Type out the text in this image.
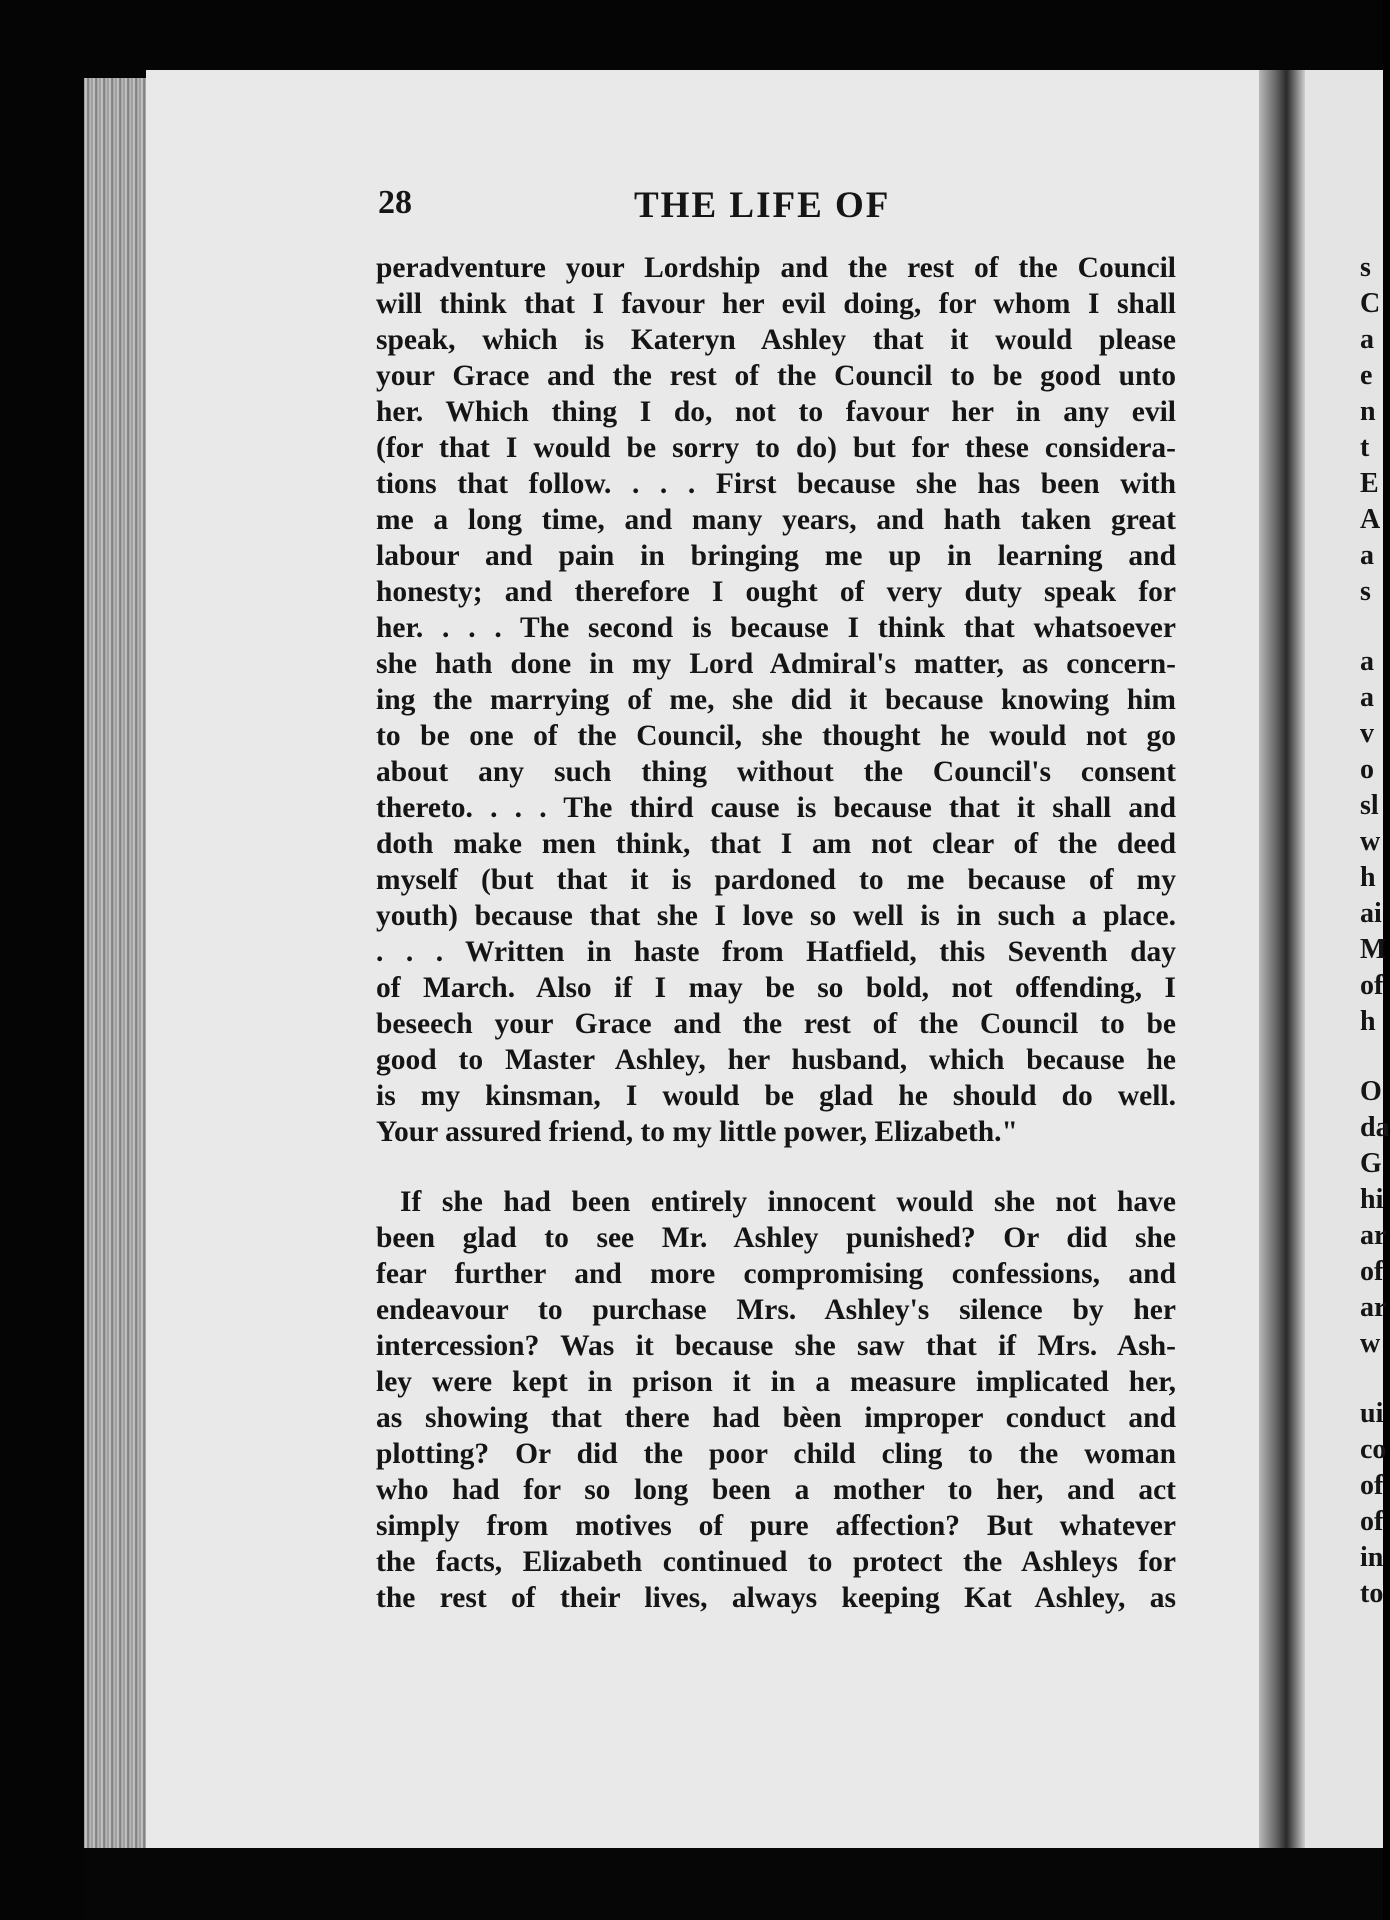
28	THE LIFE OF
peradventure your Lordship and the rest of the Council
will think that I favour her evil doing, for whom I shall
speak, which is Kateryn Ashley that it would please
your Grace and the rest of the Council to be good unto
her. Which thing I do, not to favour her in any evil
(for that I would be sorry to do) but for these considera-
tions that follow. . . . First because she has been with
me a long time, and many years, and hath taken great
labour and pain in bringing me up in learning and
honesty; and therefore I ought of very duty speak for
her. . . . The second is because I think that whatsoever
she hath done in my Lord Admiral's matter, as concern-
ing the marrying of me, she did it because knowing him
to be one of the Council, she thought he would not go
about any such thing without the Council's consent
thereto. . . . The third cause is because that it shall and
doth make men think, that I am not clear of the deed
myself (but that it is pardoned to me because of my
youth) because that she I love so well is in such a place.
. . . Written in haste from Hatfield, this Seventh day
of March. Also if I may be so bold, not offending, I
beseech your Grace and the rest of the Council to be
good to Master Ashley, her husband, which because he
is my kinsman, I would be glad he should do well.
Your assured friend, to my little power, Elizabeth."
If she had been entirely innocent would she not have
been glad to see Mr. Ashley punished? Or did she
fear further and more compromising confessions, and
endeavour to purchase Mrs. Ashley's silence by her
intercession? Was it because she saw that if Mrs. Ash-
ley were kept in prison it in a measure implicated her,
as showing that there had bèen improper conduct and
plotting? Or did the poor child cling to the woman
who had for so long been a mother to her, and act
simply from motives of pure affection? But whatever
the facts, Elizabeth continued to protect the Ashleys for
the rest of their lives, always keeping Kat Ashley, as
s
C
a
e
n
t
E
A
a
s
a
a
v
o
sl
w
h
ai
M
of
h
O
da
G
hi
ar
of
ar
w
ui
co
of
of
in
to
